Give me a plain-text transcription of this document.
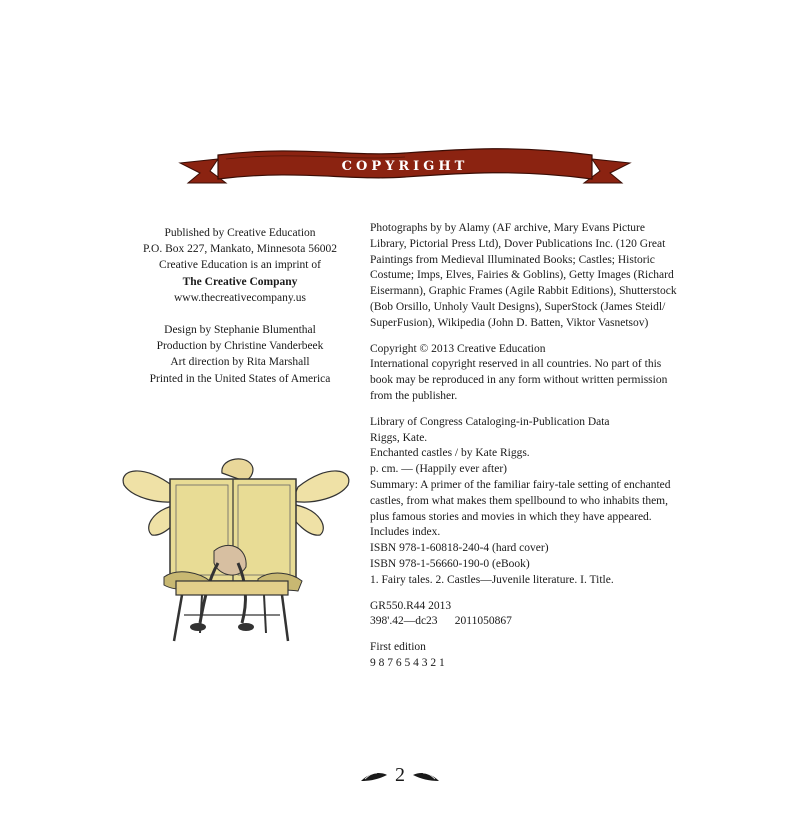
COPYRIGHT

Published by Creative Education

P.O. Box 227, Mankato, Minnesota 56002

Creative Education is an imprint of

The Creative Company

www.thecreativecompany.us

Design by Stephanie Blumenthal

Production by Christine Vanderbeek

Art direction by Rita Marshall

Printed in the United States of America

Photographs by by Alamy (AF archive, Mary Evans Picture

Library, Pictorial Press Ltd), Dover Publications Inc. (120 Great

Paintings from Medieval Illuminated Books; Castles; Historic

Costume; Imps, Elves, Fairies & Goblins), Getty Images (Richard

Eisermann), Graphic Frames (Agile Rabbit Editions), Shutterstock

(Bob Orsillo, Unholy Vault Designs), SuperStock (James Steidl/

SuperFusion), Wikipedia (John D. Batten, Viktor Vasnetsov)

Copyright © 2013 Creative Education

International copyright reserved in all countries. No part of this

book may be reproduced in any form without written permission

from the publisher.

Library of Congress Cataloging-in-Publication Data

Riggs, Kate.

Enchanted castles / by Kate Riggs.

p. cm. — (Happily ever after)

Summary: A primer of the familiar fairy-tale setting of enchanted

castles, from what makes them spellbound to who inhabits them,

plus famous stories and movies in which they have appeared.

Includes index.

ISBN 978-1-60818-240-4 (hard cover)

ISBN 978-1-56660-190-0 (eBook)

1. Fairy tales. 2. Castles—Juvenile literature. I. Title.

GR550.R44 2013

398'.42—dc23      2011050867

First edition

9 8 7 6 5 4 3 2 1

2
